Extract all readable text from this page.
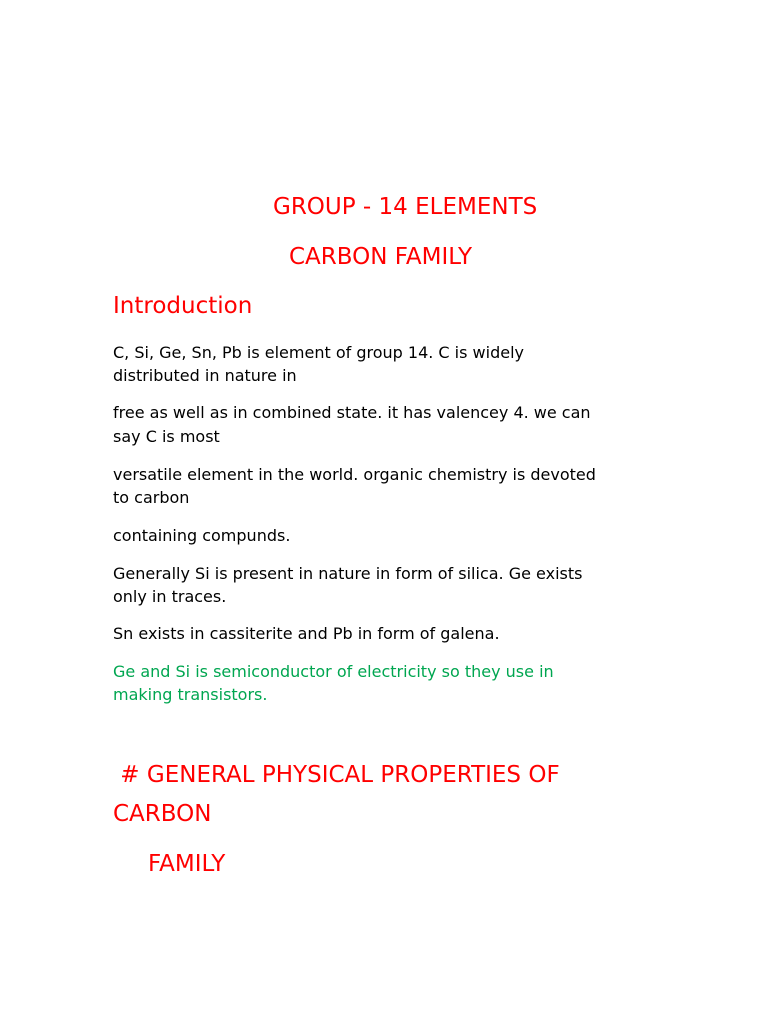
GROUP - 14 ELEMENTS

CARBON FAMILY

Introduction

C, Si, Ge, Sn, Pb is element of group 14. C is widely

distributed in nature in

free as well as in combined state. it has valencey 4. we can

say C is most

versatile element in the world. organic chemistry is devoted

to carbon

containing compunds.

Generally Si is present in nature in form of silica. Ge exists

only in traces.

Sn exists in cassiterite and Pb in form of galena.

Ge and Si is semiconductor of electricity so they use in

making transistors.

# GENERAL PHYSICAL PROPERTIES OF

CARBON

FAMILY
